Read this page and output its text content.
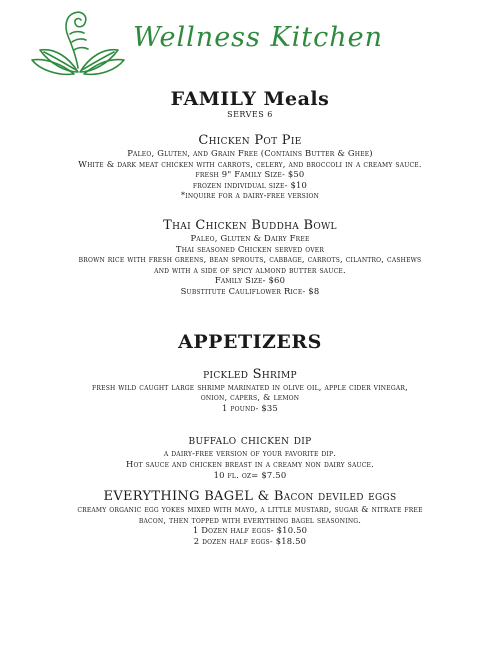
Wellness Kitchen
FAMILY Meals

SERVES 6

Chicken Pot Pie

Paleo, Gluten, and Grain Free (Contains Butter & Ghee)

White & dark meat chicken with carrots, celery, and broccoli in a creamy sauce.

fresh 9" Family Size- $50

frozen individual size- $10

*inquire for a dairy-free version

Thai Chicken Buddha Bowl

Paleo, Gluten & Dairy Free

Thai seasoned Chicken served over

brown rice with fresh greens, bean sprouts, cabbage, carrots, cilantro, cashews

and with a side of spicy almond butter sauce.

Family Size- $60

Substitute Cauliflower Rice- $8

APPETIZERS

pickled Shrimp

fresh wild caught large shrimp marinated in olive oil, apple cider vinegar,

onion, capers, & lemon

1 pound- $35

buffalo chicken dip

a dairy-free version of your favorite dip.

Hot sauce and chicken breast in a creamy non dairy sauce.

10 fl. oz= $7.50

EVERYTHING BAGEL & Bacon deviled eggs

creamy organic egg yokes mixed with mayo, a little mustard, sugar & nitrate free

bacon, then topped with everything bagel seasoning.

1 Dozen half eggs- $10.50

2 dozen half eggs- $18.50
